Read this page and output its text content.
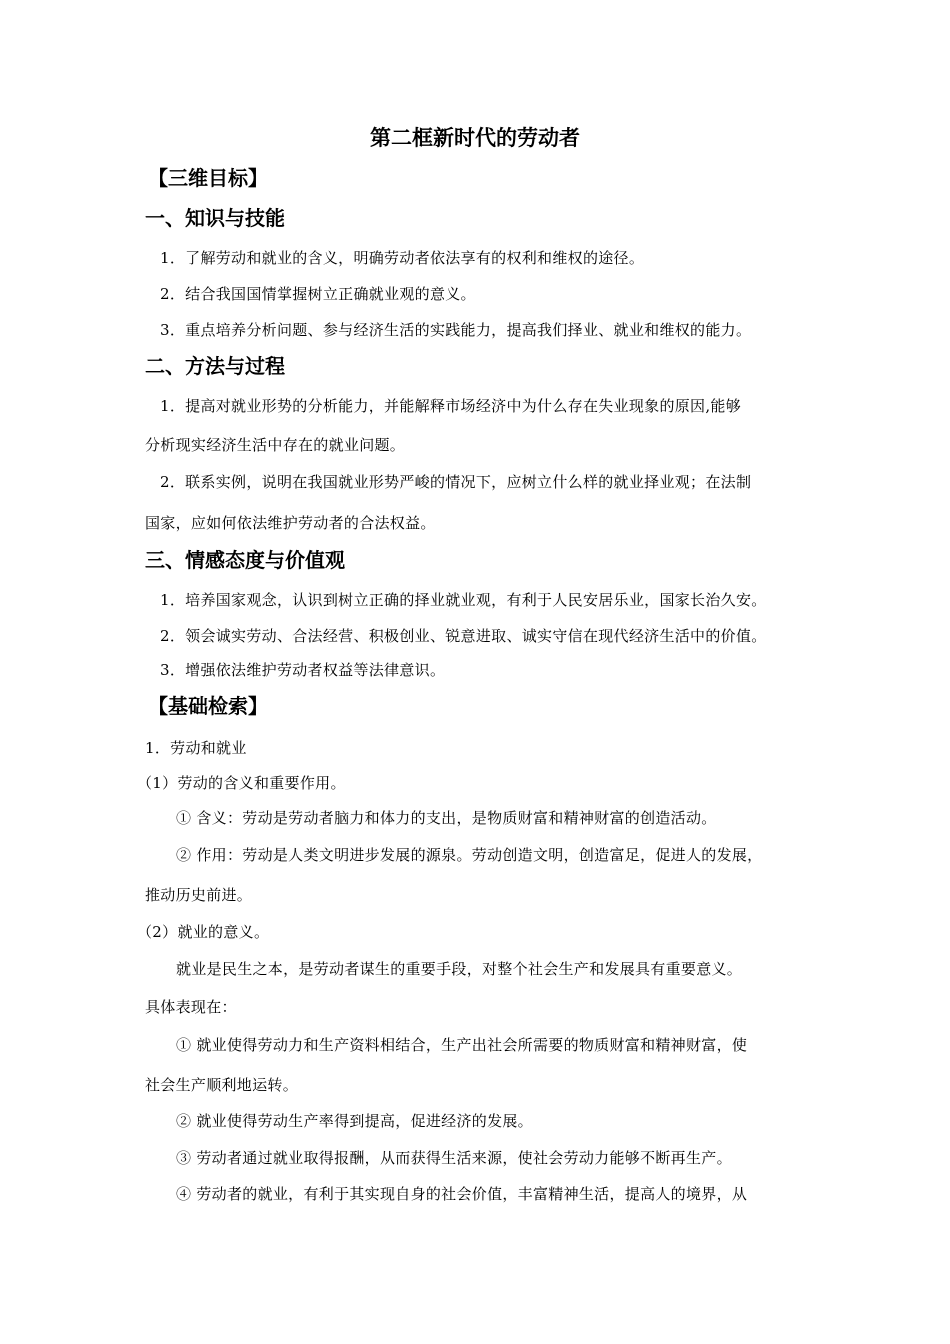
第二框新时代的劳动者
【三维目标】
一、知识与技能
1．了解劳动和就业的含义，明确劳动者依法享有的权利和维权的途径。
2．结合我国国情掌握树立正确就业观的意义。
3．重点培养分析问题、参与经济生活的实践能力，提高我们择业、就业和维权的能力。
二、方法与过程
1．提高对就业形势的分析能力，并能解释市场经济中为什么存在失业现象的原因,能够
分析现实经济生活中存在的就业问题。
2．联系实例，说明在我国就业形势严峻的情况下，应树立什么样的就业择业观；在法制
国家，应如何依法维护劳动者的合法权益。
三、情感态度与价值观
1．培养国家观念，认识到树立正确的择业就业观，有利于人民安居乐业，国家长治久安。
2．领会诚实劳动、合法经营、积极创业、锐意进取、诚实守信在现代经济生活中的价值。
3．增强依法维护劳动者权益等法律意识。
【基础检索】
1．劳动和就业
（1）劳动的含义和重要作用。
① 含义：劳动是劳动者脑力和体力的支出，是物质财富和精神财富的创造活动。
② 作用：劳动是人类文明进步发展的源泉。劳动创造文明，创造富足，促进人的发展，
推动历史前进。
（2）就业的意义。
就业是民生之本，是劳动者谋生的重要手段，对整个社会生产和发展具有重要意义。
具体表现在：
① 就业使得劳动力和生产资料相结合，生产出社会所需要的物质财富和精神财富，使
社会生产顺利地运转。
② 就业使得劳动生产率得到提高，促进经济的发展。
③ 劳动者通过就业取得报酬，从而获得生活来源，使社会劳动力能够不断再生产。
④ 劳动者的就业，有利于其实现自身的社会价值，丰富精神生活，提高人的境界，从
